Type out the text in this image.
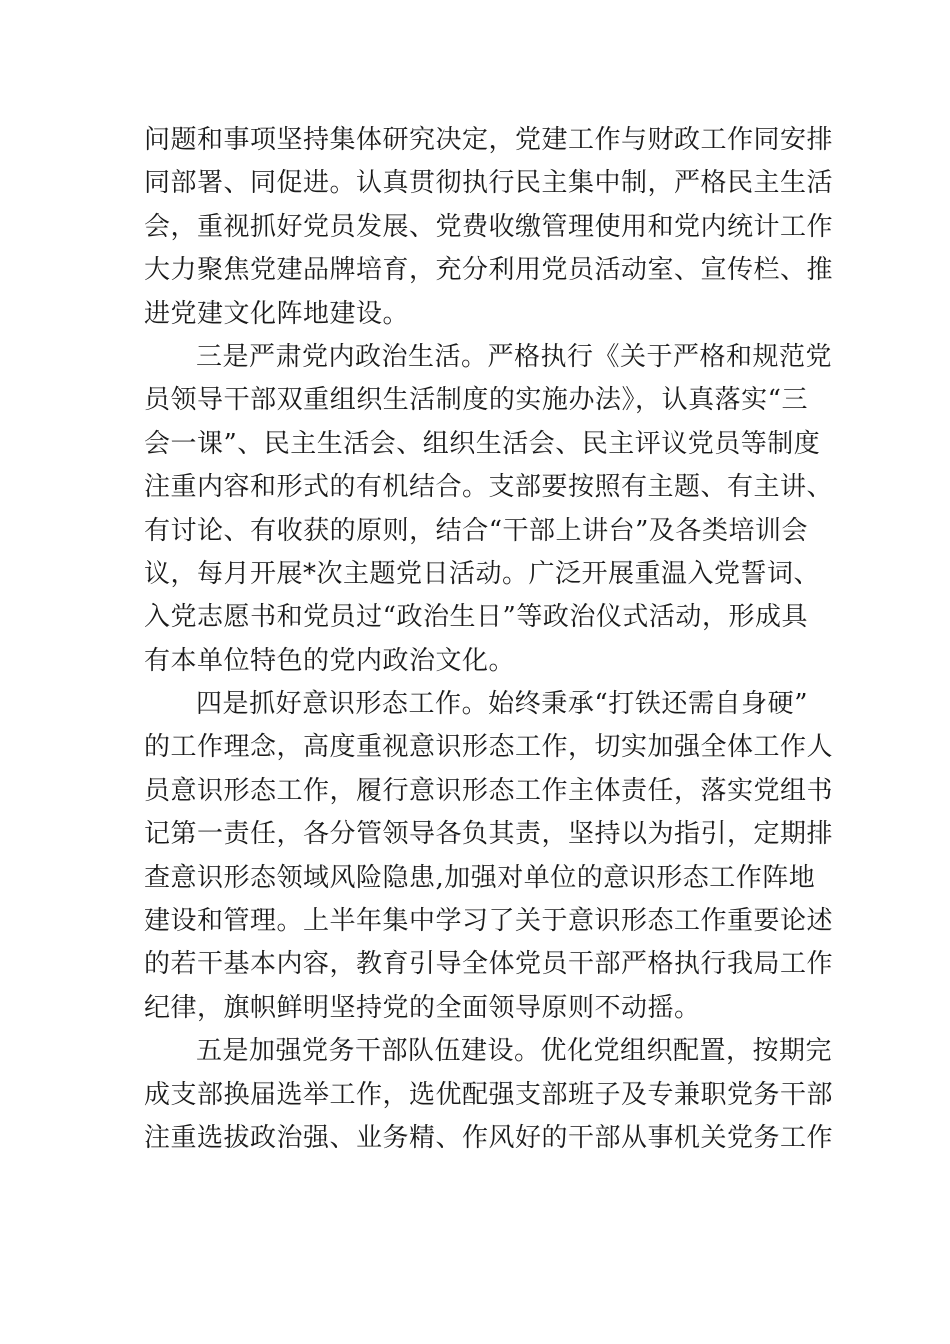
问题和事项坚持集体研究决定，党建工作与财政工作同安排
同部署、同促进。认真贯彻执行民主集中制，严格民主生活
会，重视抓好党员发展、党费收缴管理使用和党内统计工作
大力聚焦党建品牌培育，充分利用党员活动室、宣传栏、推
进党建文化阵地建设。
三是严肃党内政治生活。严格执行《关于严格和规范党
员领导干部双重组织生活制度的实施办法》，认真落实“三
会一课”、民主生活会、组织生活会、民主评议党员等制度
注重内容和形式的有机结合。支部要按照有主题、有主讲、
有讨论、有收获的原则，结合“干部上讲台”及各类培训会
议，每月开展*次主题党日活动。广泛开展重温入党誓词、
入党志愿书和党员过“政治生日”等政治仪式活动，形成具
有本单位特色的党内政治文化。
四是抓好意识形态工作。始终秉承“打铁还需自身硬”
的工作理念，高度重视意识形态工作，切实加强全体工作人
员意识形态工作，履行意识形态工作主体责任，落实党组书
记第一责任，各分管领导各负其责，坚持以为指引，定期排
查意识形态领域风险隐患,加强对单位的意识形态工作阵地
建设和管理。上半年集中学习了关于意识形态工作重要论述
的若干基本内容，教育引导全体党员干部严格执行我局工作
纪律，旗帜鲜明坚持党的全面领导原则不动摇。
五是加强党务干部队伍建设。优化党组织配置，按期完
成支部换届选举工作，选优配强支部班子及专兼职党务干部
注重选拔政治强、业务精、作风好的干部从事机关党务工作
